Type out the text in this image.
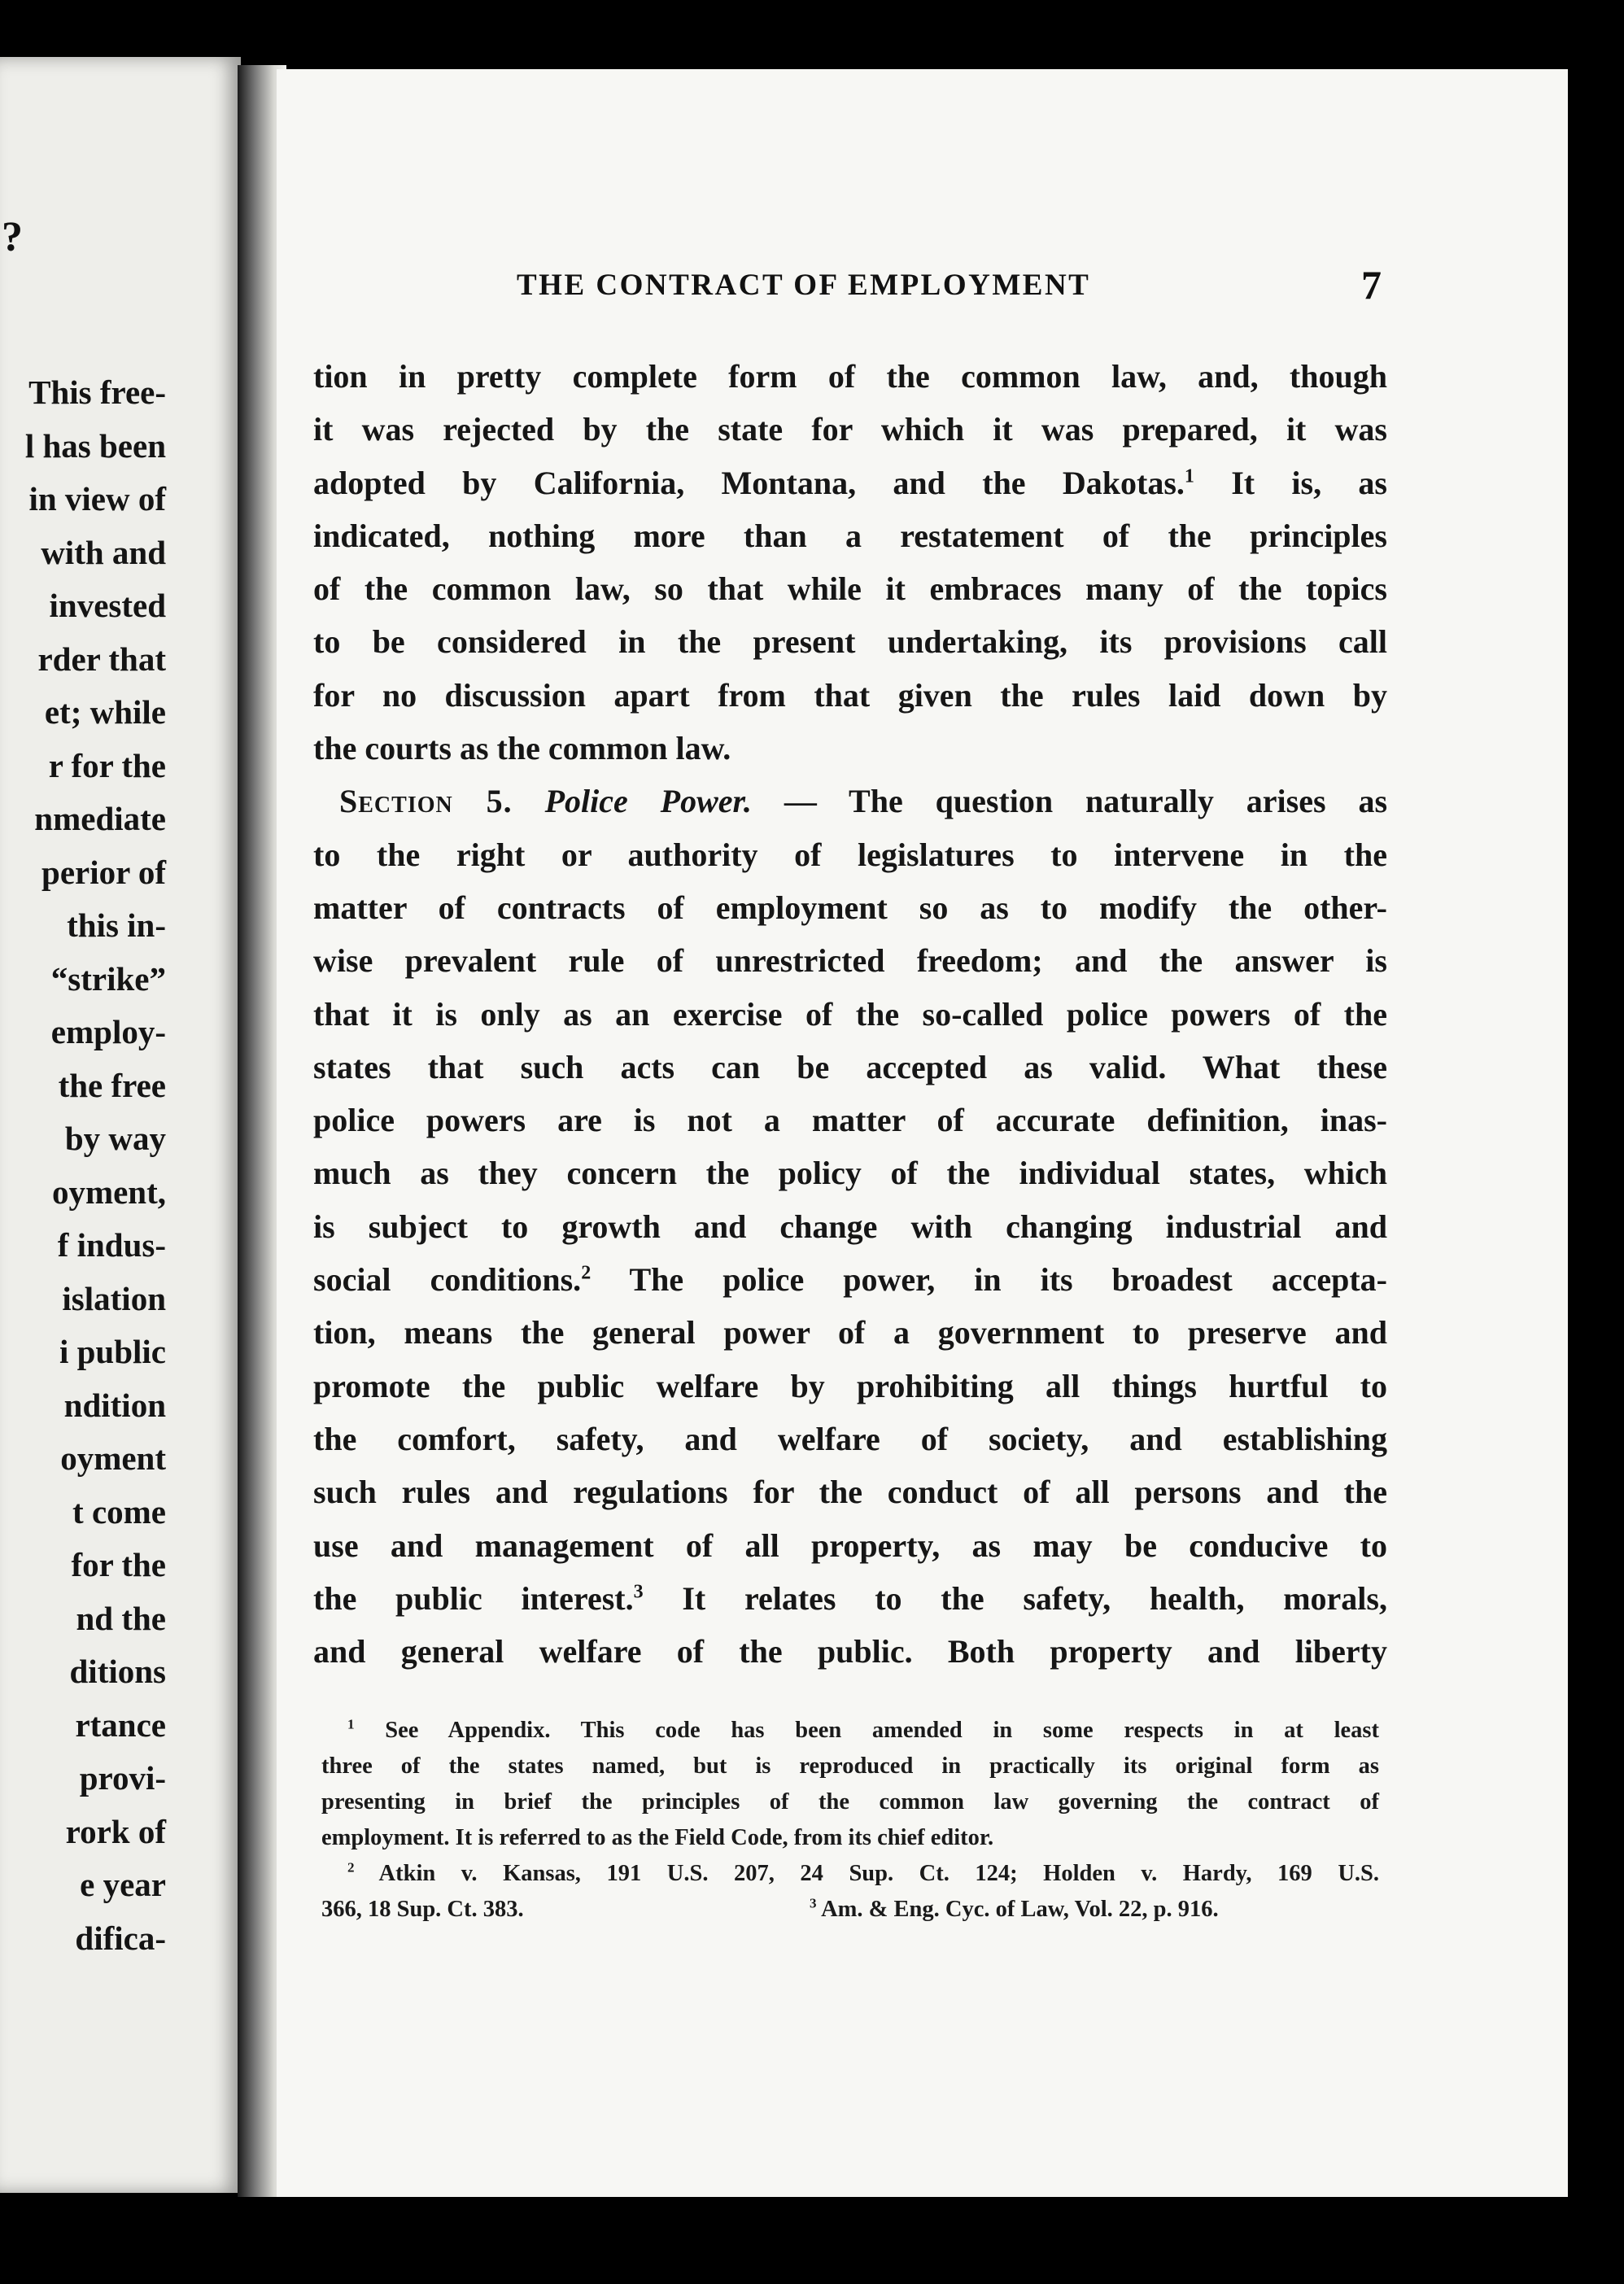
?
This free-
l has been
in view of
with and
invested
rder that
et; while
r for the
nmediate
perior of
this in-
“strike”
employ-
the free
by way
oyment,
f indus-
islation
i public
ndition
oyment
t come
for the
nd the
ditions
rtance
provi-
rork of
e year
difica-
THE CONTRACT OF EMPLOYMENT	7
tion in pretty complete form of the common law, and, though
it was rejected by the state for which it was prepared, it was
adopted by California, Montana, and the Dakotas.$^1$ It is, as
indicated, nothing more than a restatement of the principles
of the common law, so that while it embraces many of the topics
to be considered in the present undertaking, its provisions call
for no discussion apart from that given the rules laid down by
the courts as the common law.
Section 5. Police Power. — The question naturally arises as
to the right or authority of legislatures to intervene in the
matter of contracts of employment so as to modify the other-
wise prevalent rule of unrestricted freedom; and the answer is
that it is only as an exercise of the so-called police powers of the
states that such acts can be accepted as valid. What these
police powers are is not a matter of accurate definition, inas-
much as they concern the policy of the individual states, which
is subject to growth and change with changing industrial and
social conditions.$^2$ The police power, in its broadest accepta-
tion, means the general power of a government to preserve and
promote the public welfare by prohibiting all things hurtful to
the comfort, safety, and welfare of society, and establishing
such rules and regulations for the conduct of all persons and the
use and management of all property, as may be conducive to
the public interest.$^3$ It relates to the safety, health, morals,
and general welfare of the public. Both property and liberty
$^1$ See Appendix. This code has been amended in some respects in at least
three of the states named, but is reproduced in practically its original form as
presenting in brief the principles of the common law governing the contract of
employment. It is referred to as the Field Code, from its chief editor.
$^2$ Atkin v. Kansas, 191 U.S. 207, 24 Sup. Ct. 124; Holden v. Hardy, 169 U.S.
366, 18 Sup. Ct. 383.	$^3$ Am. & Eng. Cyc. of Law, Vol. 22, p. 916.
